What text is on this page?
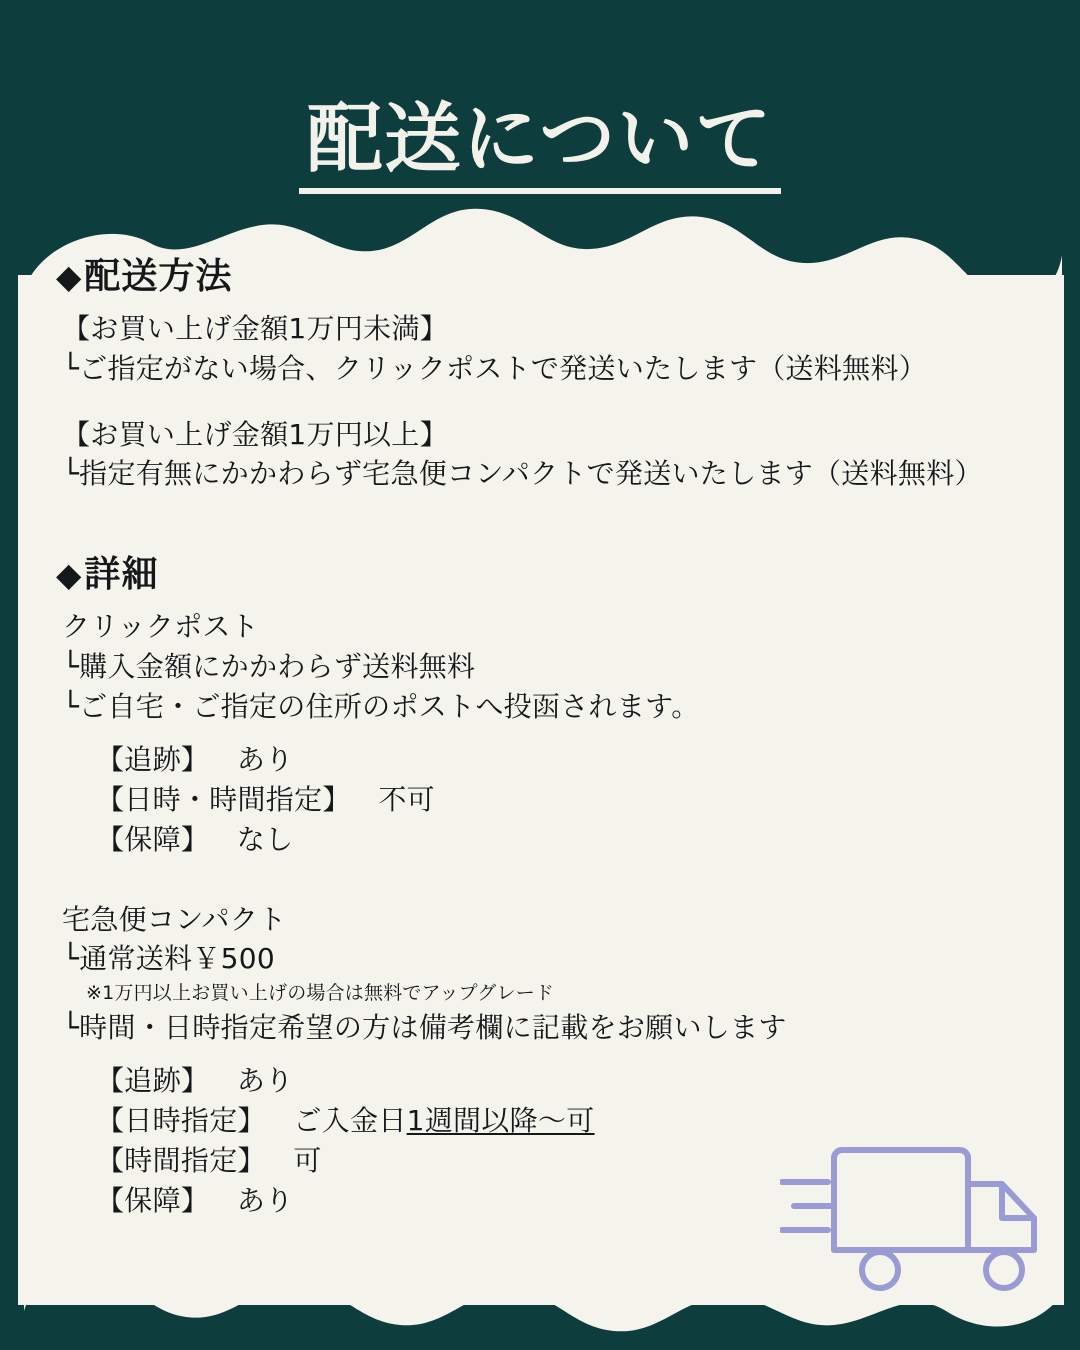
配送について
◆配送方法
【お買い上げ金額1万円未満】
└ご指定がない場合、クリックポストで発送いたします（送料無料）
【お買い上げ金額1万円以上】
└指定有無にかかわらず宅急便コンパクトで発送いたします（送料無料）
◆詳細
クリックポスト
└購入金額にかかわらず送料無料
└ご自宅・ご指定の住所のポストへ投函されます。
【追跡】 あり
【日時・時間指定】 不可
【保障】 なし
宅急便コンパクト
└通常送料￥500
※1万円以上お買い上げの場合は無料でアップグレード
└時間・日時指定希望の方は備考欄に記載をお願いします
【追跡】 あり
【日時指定】 ご入金日1週間以降〜可
【時間指定】 可
【保障】 あり
